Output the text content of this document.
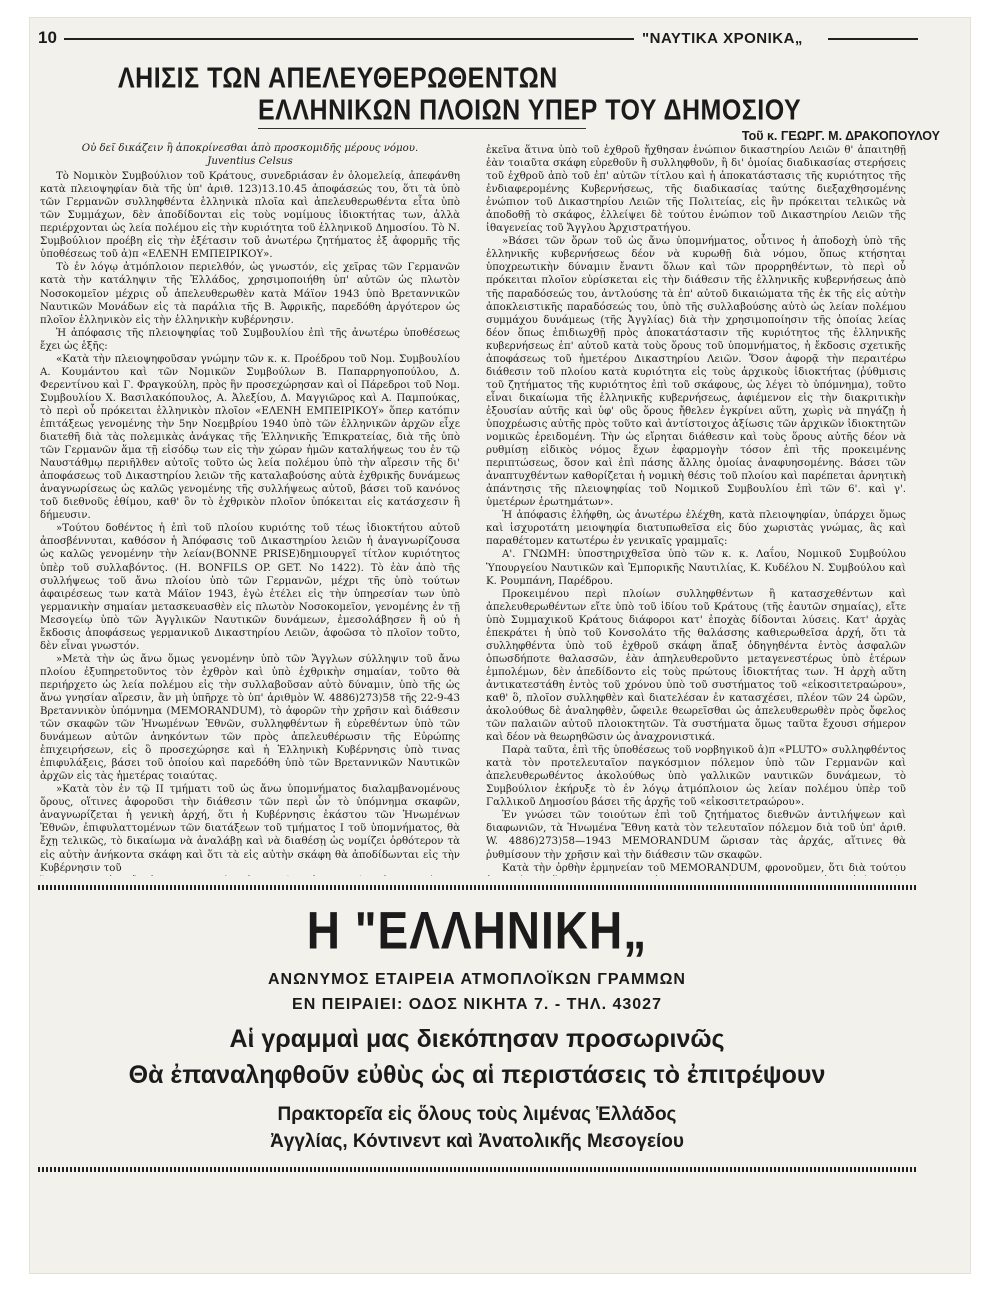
10	"ΝΑΥΤΙΚΑ ΧΡΟΝΙΚΑ„
ΛΗΙΣΙΣ ΤΩΝ ΑΠΕΛΕΥΘΕΡΩΘΕΝΤΩΝ
ΕΛΛΗΝΙΚΩΝ ΠΛΟΙΩΝ ΥΠΕΡ ΤΟΥ ΔΗΜΟΣΙΟΥ
Τοῦ κ. ΓΕΩΡΓ. Μ. ΔΡΑΚΟΠΟΥΛΟΥ

Οὐ δεῖ δικάζειν ἢ ἀποκρίνεσθαι ἀπὸ προσκομιδῆς μέρους νόμου.

Juventius Celsus

Τὸ Νομικὸν Συμβούλιον τοῦ Κράτους, συνεδριάσαν ἐν ὁλομελείᾳ, ἀπεφάνθη κατὰ πλειοψηφίαν διὰ τῆς ὑπ' ἀριθ. 123)13.10.45 ἀποφάσεώς του, ὅτι τὰ ὑπὸ τῶν Γερμανῶν συλληφθέντα ἑλληνικὰ πλοῖα καὶ ἀπελευθερωθέντα εἶτα ὑπὸ τῶν Συμμάχων, δὲν ἀποδίδονται εἰς τοὺς νομίμους ἰδιοκτήτας των, ἀλλὰ περιέρχονται ὡς λεία πολέμου εἰς τὴν κυριότητα τοῦ ἑλληνικοῦ Δημοσίου. Τὸ Ν. Συμβούλιον προέβη εἰς τὴν ἐξέτασιν τοῦ ἀνωτέρω ζητήματος ἐξ ἀφορμῆς τῆς ὑποθέσεως τοῦ ἀ)π «ΕΛΕΝΗ ΕΜΠΕΙΡΙΚΟΥ».

Τὸ ἐν λόγῳ ἀτμόπλοιον περιελθόν, ὡς γνωστόν, εἰς χεῖρας τῶν Γερμανῶν κατὰ τὴν κατάληψιν τῆς Ἑλλάδος, χρησιμοποιήθη ὑπ' αὐτῶν ὡς πλωτὸν Νοσοκομεῖον μέχρις οὗ ἀπελευθερωθὲν κατὰ Μάϊον 1943 ὑπὸ Βρεταννικῶν Ναυτικῶν Μονάδων εἰς τὰ παράλια τῆς Β. Ἀφρικῆς, παρεδόθη ἀργότερον ὡς πλοῖον ἑλληνικὸν εἰς τὴν ἑλληνικὴν κυβέρνησιν.

Ἡ ἀπόφασις τῆς πλειοψηφίας τοῦ Συμβουλίου ἐπὶ τῆς ἀνωτέρω ὑποθέσεως ἔχει ὡς ἑξῆς:

«Κατὰ τὴν πλειοψηφοῦσαν γνώμην τῶν κ. κ. Προέδρου τοῦ Νομ. Συμβουλίου Α. Κουμάντου καὶ τῶν Νομικῶν Συμβούλων Β. Παπαρρηγοπούλου, Δ. Φερεντίνου καὶ Γ. Φραγκούλη, πρὸς ἣν προσεχώρησαν καὶ οἱ Πάρεδροι τοῦ Νομ. Συμβουλίου Χ. Βασιλακόπουλος, Α. Ἀλεξίου, Δ. Μαγγιῶρος καὶ Α. Παμπούκας, τὸ περὶ οὗ πρόκειται ἑλληνικὸν πλοῖον «ΕΛΕΝΗ ΕΜΠΕΙΡΙΚΟΥ» ὅπερ κατόπιν ἐπιτάξεως γενομένης τὴν 5ην Νοεμβρίου 1940 ὑπὸ τῶν ἑλληνικῶν ἀρχῶν εἶχε διατεθῆ διὰ τὰς πολεμικὰς ἀνάγκας τῆς Ἑλληνικῆς Ἐπικρατείας, διὰ τῆς ὑπὸ τῶν Γερμανῶν ἅμα τῇ εἰσόδῳ των εἰς τὴν χώραν ἡμῶν καταλήψεως του ἐν τῷ Ναυστάθμῳ περιῆλθεν αὐτοῖς τοῦτο ὡς λεία πολέμου ὑπὸ τὴν αἵρεσιν τῆς δι' ἀποφάσεως τοῦ Δικαστηρίου λειῶν τῆς καταλαβούσης αὐτὰ ἐχθρικῆς δυνάμεως ἀναγνωρίσεως ὡς καλῶς γενομένης τῆς συλλήψεως αὐτοῦ, βάσει τοῦ κανόνος τοῦ διεθνοῦς ἐθίμου, καθ' ὃν τὸ ἐχθρικὸν πλοῖον ὑπόκειται εἰς κατάσχεσιν ἢ δήμευσιν.

»Τούτου δοθέντος ἡ ἐπὶ τοῦ πλοίου κυριότης τοῦ τέως ἰδιοκτήτου αὐτοῦ ἀποσβέννυται, καθόσον ἡ Ἀπόφασις τοῦ Δικαστηρίου λειῶν ἡ ἀναγνωρίζουσα ὡς καλῶς γενομένην τὴν λείαν(BONNE PRISE)δημιουργεῖ τίτλον κυριότητος ὑπὲρ τοῦ συλλαβόντος. (H. BONFILS OP. GET. No 1422). Τὸ ἐὰν ἀπὸ τῆς συλλήψεως τοῦ ἄνω πλοίου ὑπὸ τῶν Γερμανῶν, μέχρι τῆς ὑπὸ τούτων ἀφαιρέσεως των κατὰ Μάϊον 1943, ἐγὼ ἐτέλει εἰς τὴν ὑπηρεσίαν των ὑπὸ γερμανικὴν σημαίαν μετασκευασθὲν εἰς πλωτὸν Νοσοκομεῖον, γενομένης ἐν τῇ Μεσογείῳ ὑπὸ τῶν Ἀγγλικῶν Ναυτικῶν δυνάμεων, ἐμεσολάβησεν ἢ οὐ ἡ ἔκδοσις ἀποφάσεως γερμανικοῦ Δικαστηρίου Λειῶν, ἀφοῶσα τὸ πλοῖον τοῦτο, δὲν εἶναι γνωστόν.

»Μετὰ τὴν ὡς ἄνω ὅμως γενομένην ὑπὸ τῶν Ἄγγλων σύλληψιν τοῦ ἄνω πλοίου ἐξυπηρετοῦντος τὸν ἐχθρὸν καὶ ὑπὸ ἐχθρικὴν σημαίαν, τοῦτο θὰ περιήρχετο ὡς λεία πολέμου εἰς τὴν συλλαβοῦσαν αὐτὸ δύναμιν, ὑπὸ τῆς ὡς ἄνω γνησίαν αἵρεσιν, ἂν μὴ ὑπῆρχε τὸ ὑπ' ἀριθμὸν W. 4886)273)58 τῆς 22-9-43 Βρεταννικὸν ὑπόμνημα (MEMORANDUM), τὸ ἀφορῶν τὴν χρῆσιν καὶ διάθεσιν τῶν σκαφῶν τῶν Ἡνωμένων Ἐθνῶν, συλληφθέντων ἢ εὑρεθέντων ὑπὸ τῶν δυνάμεων αὐτῶν ἀνηκόντων τῶν πρὸς ἀπελευθέρωσιν τῆς Εὐρώπης ἐπιχειρήσεων, εἰς ὃ προσεχώρησε καὶ ἡ Ἑλληνικὴ Κυβέρνησις ὑπὸ τινας ἐπιφυλάξεις, βάσει τοῦ ὁποίου καὶ παρεδόθη ὑπὸ τῶν Βρεταννικῶν Ναυτικῶν ἀρχῶν εἰς τὰς ἡμετέρας τοιαύτας.

»Κατὰ τὸν ἐν τῷ ΙΙ τμήματι τοῦ ὡς ἄνω ὑπομνήματος διαλαμβανομένους ὅρους, οἵτινες ἀφοροῦσι τὴν διάθεσιν τῶν περὶ ὧν τὸ ὑπόμνημα σκαφῶν, ἀναγνωρίζεται ἡ γενικὴ ἀρχή, ὅτι ἡ Κυβέρνησις ἑκάστου τῶν Ἡνωμένων Ἐθνῶν, ἐπιφυλαττομένων τῶν διατάξεων τοῦ τμήματος Ι τοῦ ὑπομνήματος, θὰ ἔχῃ τελικῶς, τὸ δικαίωμα νὰ ἀναλάβῃ καὶ νὰ διαθέσῃ ὡς νομίζει ὀρθότερον τὰ εἰς αὐτὴν ἀνήκοντα σκάφη καὶ ὅτι τὰ εἰς αὐτὴν σκάφη θὰ ἀποδίδωνται εἰς τὴν Κυβέρνησιν τοῦ

ἐκεῖνα ἅτινα ὑπὸ τοῦ ἐχθροῦ ἤχθησαν ἐνώπιον δικαστηρίου Λειῶν θ' ἀπαιτηθῇ ἐὰν τοιαῦτα σκάφη εὑρεθοῦν ἢ συλληφθοῦν, ἢ δι' ὁμοίας διαδικασίας στερήσεις τοῦ ἐχθροῦ ἀπὸ τοῦ ἐπ' αὐτῶν τίτλου καὶ ἡ ἀποκατάστασις τῆς κυριότητος τῆς ἐνδιαφερομένης Κυβερνήσεως, τῆς διαδικασίας ταύτης διεξαχθησομένης ἐνώπιον τοῦ Δικαστηρίου Λειῶν τῆς Πολιτείας, εἰς ἣν πρόκειται τελικῶς νὰ ἀποδοθῇ τὸ σκάφος, ἐλλείψει δὲ τούτου ἐνώπιον τοῦ Δικαστηρίου Λειῶν τῆς ἰθαγενείας τοῦ Ἄγγλου Ἀρχιστρατήγου.

»Βάσει τῶν ὅρων τοῦ ὡς ἄνω ὑπομνήματος, οὗτινος ἡ ἀποδοχὴ ὑπὸ τῆς ἑλληνικῆς κυβερνήσεως δέον νὰ κυρωθῇ διὰ νόμου, ὅπως κτήσηται ὑποχρεωτικὴν δύναμιν ἔναντι ὅλων καὶ τῶν προρρηθέντων, τὸ περὶ οὗ πρόκειται πλοῖον εὑρίσκεται εἰς τὴν διάθεσιν τῆς ἑλληνικῆς κυβερνήσεως ἀπὸ τῆς παραδόσεώς του, ἀντλούσης τὰ ἐπ' αὐτοῦ δικαιώματα τῆς ἐκ τῆς εἰς αὐτὴν ἀποκλειστικῆς παραδόσεώς του, ὑπὸ τῆς συλλαβούσης αὐτὸ ὡς λείαν πολέμου συμμάχου δυνάμεως (τῆς Ἀγγλίας) διὰ τὴν χρησιμοποίησιν τῆς ὁποίας λείας δέον ὅπως ἐπιδιωχθῇ πρὸς ἀποκατάστασιν τῆς κυριότητος τῆς ἑλληνικῆς κυβερνήσεως ἐπ' αὐτοῦ κατὰ τοὺς ὅρους τοῦ ὑπομνήματος, ἡ ἔκδοσις σχετικῆς ἀποφάσεως τοῦ ἡμετέρου Δικαστηρίου Λειῶν. Ὅσον ἀφορᾷ τὴν περαιτέρω διάθεσιν τοῦ πλοίου κατὰ κυριότητα εἰς τοὺς ἀρχικοὺς ἰδιοκτήτας (ῥύθμισις τοῦ ζητήματος τῆς κυριότητος ἐπὶ τοῦ σκάφους, ὡς λέγει τὸ ὑπόμνημα), τοῦτο εἶναι δικαίωμα τῆς ἑλληνικῆς κυβερνήσεως, ἀφιέμενον εἰς τὴν διακριτικὴν ἐξουσίαν αὐτῆς καὶ ὑφ' οὓς ὅρους ἤθελεν ἐγκρίνει αὕτη, χωρὶς νὰ πηγάζῃ ἡ ὑποχρέωσις αὐτῆς πρὸς τοῦτο καὶ ἀντίστοιχος ἀξίωσις τῶν ἀρχικῶν ἰδιοκτητῶν νομικῶς ἐρειδομένη. Τὴν ὡς εἴρηται διάθεσιν καὶ τοὺς ὅρους αὐτῆς δέον νὰ ρυθμίσῃ εἰδικὸς νόμος ἔχων ἐφαρμογὴν τόσον ἐπὶ τῆς προκειμένης περιπτώσεως, ὅσον καὶ ἐπὶ πάσης ἄλλης ὁμοίας ἀναφυησομένης. Βάσει τῶν ἀναπτυχθέντων καθορίζεται ἡ νομικὴ θέσις τοῦ πλοίου καὶ παρέπεται ἀρνητικὴ ἀπάντησις τῆς πλειοψηφίας τοῦ Νομικοῦ Συμβουλίου ἐπὶ τῶν 6'. καὶ γ'. ὑμετέρων ἐρωτημάτων».

Ἡ ἀπόφασις ἐλήφθη, ὡς ἀνωτέρω ἐλέχθη, κατὰ πλειοψηφίαν, ὑπάρχει ὅμως καὶ ἰσχυροτάτη μειοψηφία διατυπωθεῖσα εἰς δύο χωριστὰς γνώμας, ἃς καὶ παραθέτομεν κατωτέρω ἐν γενικαῖς γραμμαῖς:

Α'. ΓΝΩΜΗ: ὑποστηριχθεῖσα ὑπὸ τῶν κ. κ. Λαΐου, Νομικοῦ Συμβούλου Ὑπουργείου Ναυτικῶν καὶ Ἐμπορικῆς Ναυτιλίας, Κ. Κυδέλου Ν. Συμβούλου καὶ Κ. Ρουμπάνη, Παρέδρου.

Προκειμένου περὶ πλοίων συλληφθέντων ἢ κατασχεθέντων καὶ ἀπελευθερωθέντων εἴτε ὑπὸ τοῦ ἰδίου τοῦ Κράτους (τῆς ἑαυτῶν σημαίας), εἴτε ὑπὸ Συμμαχικοῦ Κράτους διάφοροι κατ' ἐποχὰς δίδονται λύσεις. Κατ' ἀρχὰς ἐπεκράτει ἡ ὑπὸ τοῦ Κονσολάτο τῆς θαλάσσης καθιερωθεῖσα ἀρχή, ὅτι τὰ συλληφθέντα ὑπὸ τοῦ ἐχθροῦ σκάφη ἅπαξ ὁδηγηθέντα ἐντὸς ἀσφαλῶν ὁπωσδήποτε θαλασσῶν, ἐὰν ἀπηλευθεροῦντο μεταγενεστέρως ὑπὸ ἑτέρων ἐμπολέμων, δὲν ἀπεδίδοντο εἰς τοὺς πρώτους ἰδιοκτήτας των. Ἡ ἀρχὴ αὕτη ἀντικατεστάθη ἐντὸς τοῦ χρόνου ὑπὸ τοῦ συστήματος τοῦ «εἰκοσιτετραώρου», καθ' ὃ, πλοῖον συλληφθὲν καὶ διατελέσαν ἐν κατασχέσει, πλέον τῶν 24 ὡρῶν, ἀκολούθως δὲ ἀναληφθὲν, ὤφειλε θεωρεῖσθαι ὡς ἀπελευθερωθὲν πρὸς ὄφελος τῶν παλαιῶν αὐτοῦ πλοιοκτητῶν. Τὰ συστήματα ὅμως ταῦτα ἔχουσι σήμερον καὶ δέον νὰ θεωρηθῶσιν ὡς ἀναχρονιστικά.

Παρὰ ταῦτα, ἐπὶ τῆς ὑποθέσεως τοῦ νορβηγικοῦ ἀ)π «PLUTO» συλληφθέντος κατὰ τὸν προτελευταῖον παγκόσμιον πόλεμον ὑπὸ τῶν Γερμανῶν καὶ ἀπελευθερωθέντος ἀκολούθως ὑπὸ γαλλικῶν ναυτικῶν δυνάμεων, τὸ Συμβούλιον ἐκήρυξε τὸ ἐν λόγῳ ἀτμόπλοιον ὡς λείαν πολέμου ὑπὲρ τοῦ Γαλλικοῦ Δημοσίου βάσει τῆς ἀρχῆς τοῦ «εἰκοσιτετραώρου».

Ἐν γνώσει τῶν τοιούτων ἐπὶ τοῦ ζητήματος διεθνῶν ἀντιλήψεων καὶ διαφωνιῶν, τὰ Ἡνωμένα Ἔθνη κατὰ τὸν τελευταῖον πόλεμον διὰ τοῦ ὑπ' ἀριθ. W. 4886)273)58—1943 MEMORANDUM ὥρισαν τὰς ἀρχάς, αἵτινες θὰ ῥυθμίσουν τὴν χρῆσιν καὶ τὴν διάθεσιν τῶν σκαφῶν.

Κατὰ τὴν ὀρθὴν ἑρμηνείαν τοῦ MEMORANDUM, φρονοῦμεν, ὅτι διὰ τούτου

Η "ΕΛΛΗΝΙΚΗ„
ΑΝΩΝΥΜΟΣ ΕΤΑΙΡΕΙΑ ΑΤΜΟΠΛΟΪΚΩΝ ΓΡΑΜΜΩΝ
ΕΝ ΠΕΙΡΑΙΕΙ: ΟΔΟΣ ΝΙΚΗΤΑ 7. - ΤΗΛ. 43027
Αἱ γραμμαὶ μας διεκόπησαν προσωρινῶς
Θὰ ἐπαναληφθοῦν εὐθὺς ὡς αἱ περιστάσεις τὸ ἐπιτρέψουν
Πρακτορεῖα εἰς ὅλους τοὺς λιμένας Ἑλλάδος
Ἀγγλίας, Κόντινεντ καὶ Ἀνατολικῆς Μεσογείου
